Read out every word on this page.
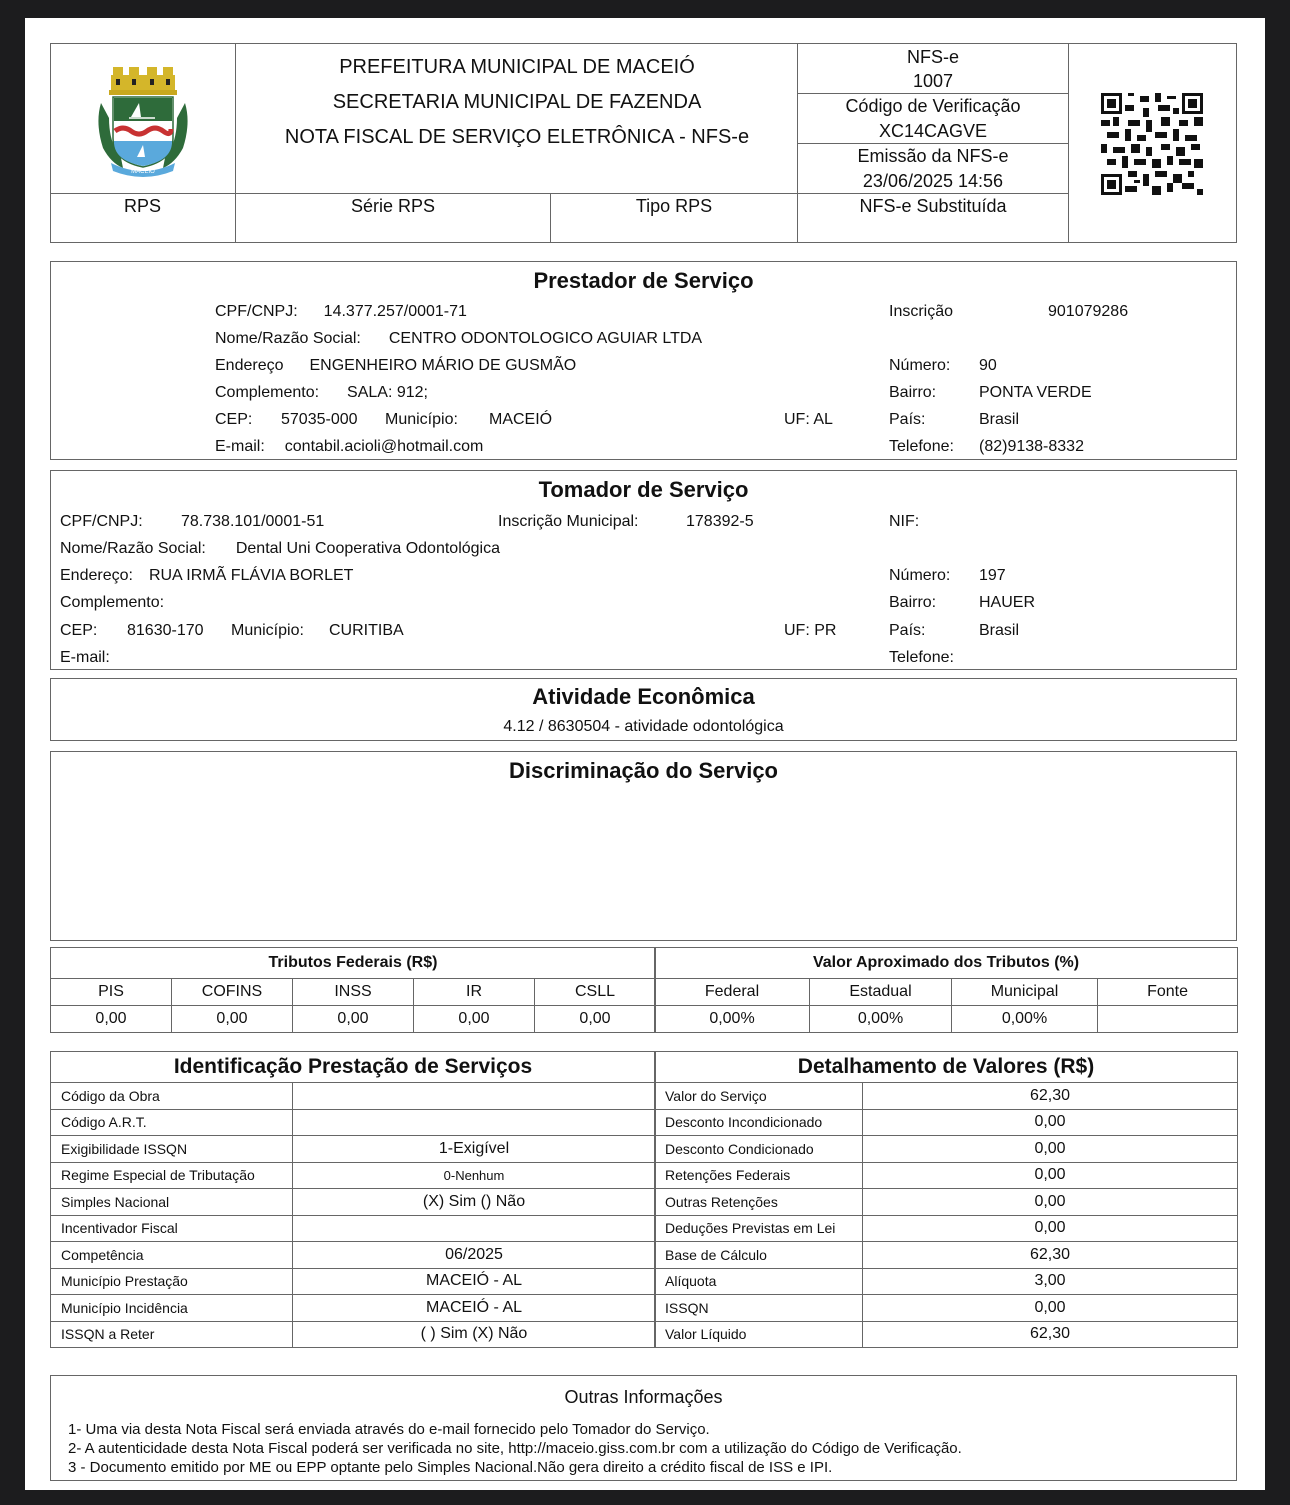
MACEIÓ
PREFEITURA MUNICIPAL DE MACEIÓ
SECRETARIA MUNICIPAL DE FAZENDA
NOTA FISCAL DE SERVIÇO ELETRÔNICA - NFS-e
NFS-e
1007
Código de Verificação
XC14CAGVE
Emissão da NFS-e
23/06/2025 14:56
RPS	Série RPS	Tipo RPS	NFS-e Substituída
Prestador de Serviço
CPF/CNPJ: 14.377.257/0001-71	Inscrição	901079286
Nome/Razão Social: CENTRO ODONTOLOGICO AGUIAR LTDA
Endereço ENGENHEIRO MÁRIO DE GUSMÃO	Número: 90
Complemento: SALA: 912;	Bairro:	PONTA VERDE
CEP: 57035-000 Município: MACEIÓ	UF: AL	País:	Brasil
E-mail: contabil.acioli@hotmail.com	Telefone: (82)9138-8332
Tomador de Serviço
CPF/CNPJ: 78.738.101/0001-51	Inscrição Municipal:	178392-5	NIF:
Nome/Razão Social: Dental Uni Cooperativa Odontológica
Endereço: RUA IRMÃ FLÁVIA BORLET	Número: 197
Complemento:	Bairro:	HAUER
CEP: 81630-170 Município: CURITIBA	UF: PR	País:	Brasil
E-mail:	Telefone:
Atividade Econômica
4.12 / 8630504 - atividade odontológica
Discriminação do Serviço
Tributos Federais (R$)				
PIS	COFINS	INSS	IR	CSLL
0,00	0,00	0,00	0,00	0,00
Valor Aproximado dos Tributos (%)			
Federal	Estadual	Municipal	Fonte
0,00%	0,00%	0,00%	
Identificação Prestação de Serviços	
Código da Obra	
Código A.R.T.	
Exigibilidade ISSQN	1-Exigível
Regime Especial de Tributação	0-Nenhum
Simples Nacional	(X) Sim () Não
Incentivador Fiscal	
Competência	06/2025
Município Prestação	MACEIÓ - AL
Município Incidência	MACEIÓ - AL
ISSQN a Reter	( ) Sim (X) Não
Detalhamento de Valores (R$)	
Valor do Serviço	62,30
Desconto Incondicionado	0,00
Desconto Condicionado	0,00
Retenções Federais	0,00
Outras Retenções	0,00
Deduções Previstas em Lei	0,00
Base de Cálculo	62,30
Alíquota	3,00
ISSQN	0,00
Valor Líquido	62,30
Outras Informações
1- Uma via desta Nota Fiscal será enviada através do e-mail fornecido pelo Tomador do Serviço.
2- A autenticidade desta Nota Fiscal poderá ser verificada no site, http://maceio.giss.com.br com a utilização do Código de Verificação.
3 - Documento emitido por ME ou EPP optante pelo Simples Nacional.Não gera direito a crédito fiscal de ISS e IPI.
